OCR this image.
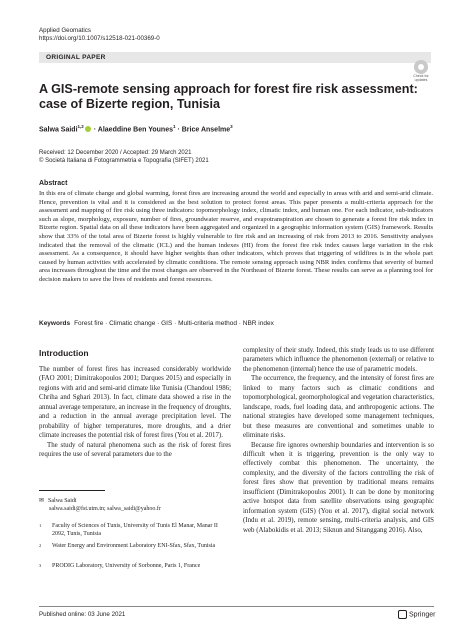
Applied Geomatics
https://doi.org/10.1007/s12518-021-00369-0
ORIGINAL PAPER
Check for
updates
A GIS-remote sensing approach for forest fire risk assessment: case of Bizerte region, Tunisia
Salwa Saidi$^{1,2}$ · Alaeddine Ben Younes$^1$ · Brice Anselme$^3$
Received: 12 December 2020 / Accepted: 29 March 2021
© Società Italiana di Fotogrammetria e Topografia (SIFET) 2021
Abstract
In this era of climate change and global warming, forest fires are increasing around the world and especially in areas with arid and semi-arid climate. Hence, prevention is vital and it is considered as the best solution to protect forest areas. This paper presents a multi-criteria approach for the assessment and mapping of fire risk using three indicators: topomorphology index, climatic index, and human one. For each indicator, sub-indicators such as slope, morphology, exposure, number of fires, groundwater reserve, and evapotranspiration are chosen to generate a forest fire risk index in Bizerte region. Spatial data on all these indicators have been aggregated and organized in a geographic information system (GIS) framework. Results show that 33% of the total area of Bizerte forest is highly vulnerable to fire risk and an increasing of risk from 2013 to 2016. Sensitivity analyses indicated that the removal of the climatic (ICL) and the human indexes (HI) from the forest fire risk index causes large variation in the risk assessment. As a consequence, it should have higher weights than other indicators, which proves that triggering of wildfires is in the whole part caused by human activities with accelerated by climatic conditions. The remote sensing approach using NBR index confirms that severity of burned area increases throughout the time and the most changes are observed in the Northeast of Bizerte forest. These results can serve as a planning tool for decision makers to save the lives of residents and forest resources.
Keywords Forest fire · Climatic change · GIS · Multi-criteria method · NBR index
Introduction

The number of forest fires has increased considerably worldwide (FAO 2001; Dimitrakopoulos 2001; Darques 2015) and especially in regions with arid and semi-arid climate like Tunisia (Chandoul 1986; Chriha and Sghari 2013). In fact, climate data showed a rise in the annual average temperature, an increase in the frequency of droughts, and a reduction in the annual average precipitation level. The probability of higher temperatures, more droughts, and a drier climate increases the potential risk of forest fires (You et al. 2017).

The study of natural phenomena such as the risk of forest fires requires the use of several parameters due to the

complexity of their study. Indeed, this study leads us to use different parameters which influence the phenomenon (external) or relative to the phenomenon (internal) hence the use of parametric models.

The occurrence, the frequency, and the intensity of forest fires are linked to many factors such as climatic conditions and topomorphological, geomorphological and vegetation characteristics, landscape, roads, fuel loading data, and anthropogenic actions. The national strategies have developed some management techniques, but these measures are conventional and sometimes unable to eliminate risks.

Because fire ignores ownership boundaries and intervention is so difficult when it is triggering, prevention is the only way to effectively combat this phenomenon. The uncertainty, the complexity, and the diversity of the factors controlling the risk of forest fires show that prevention by traditional means remains insufficient (Dimitrakopoulos 2001). It can be done by monitoring active hotspot data from satellite observations using geographic information system (GIS) (You et al. 2017), digital social network (Indu et al. 2019), remote sensing, multi-criteria analysis, and GIS web (Alabokidis et al. 2013; Siknun and Sitanggang 2016). Also,

✉ Salwa Saidi
salwa.saidi@fst.utm.tn; salwa_saidi@yahoo.fr
1 Faculty of Sciences of Tunis, University of Tunis El Manar, Manar II 2092, Tunis, Tunisia
2 Water Energy and Environment Laboratory ENI-Sfax, Sfax, Tunisia
3 PRODIG Laboratory, University of Sorbonne, Paris 1, France
Published online: 03 June 2021	Springer
